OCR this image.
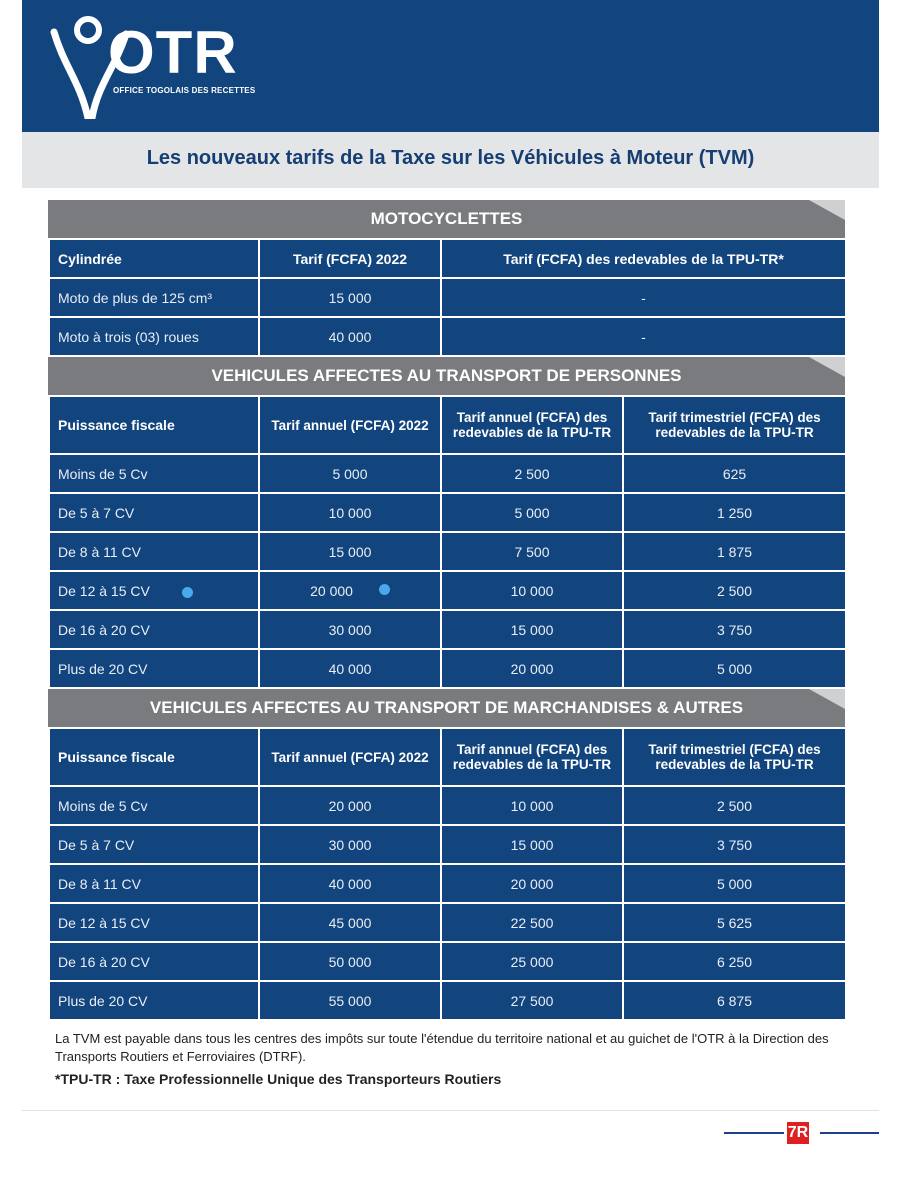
OTR
OFFICE TOGOLAIS DES RECETTES
Les nouveaux tarifs de la Taxe sur les Véhicules à Moteur (TVM)
MOTOCYCLETTES
Cylindrée	Tarif (FCFA) 2022	Tarif (FCFA) des redevables de la TPU-TR*
Moto de plus de 125 cm³	15 000	-
Moto à trois (03) roues	40 000	-
VEHICULES AFFECTES AU TRANSPORT DE PERSONNES
Puissance fiscale	Tarif annuel (FCFA) 2022	Tarif annuel (FCFA) des redevables de la TPU-TR	Tarif trimestriel (FCFA) des redevables de la TPU-TR
Moins de 5 Cv	5 000	2 500	625
De 5 à 7 CV	10 000	5 000	1 250
De 8 à 11 CV	15 000	7 500	1 875
De 12 à 15 CV	20 000	10 000	2 500
De 16 à 20 CV	30 000	15 000	3 750
Plus de 20 CV	40 000	20 000	5 000
VEHICULES AFFECTES AU TRANSPORT DE MARCHANDISES & AUTRES
Puissance fiscale	Tarif annuel (FCFA) 2022	Tarif annuel (FCFA) des redevables de la TPU-TR	Tarif trimestriel (FCFA) des redevables de la TPU-TR
Moins de 5 Cv	20 000	10 000	2 500
De 5 à 7 CV	30 000	15 000	3 750
De 8 à 11 CV	40 000	20 000	5 000
De 12 à 15 CV	45 000	22 500	5 625
De 16 à 20 CV	50 000	25 000	6 250
Plus de 20 CV	55 000	27 500	6 875
La TVM est payable dans tous les centres des impôts sur toute l'étendue du territoire national et au guichet de l'OTR à la Direction des Transports Routiers et Ferroviaires (DTRF).
*TPU-TR : Taxe Professionnelle Unique des Transporteurs Routiers
7R
